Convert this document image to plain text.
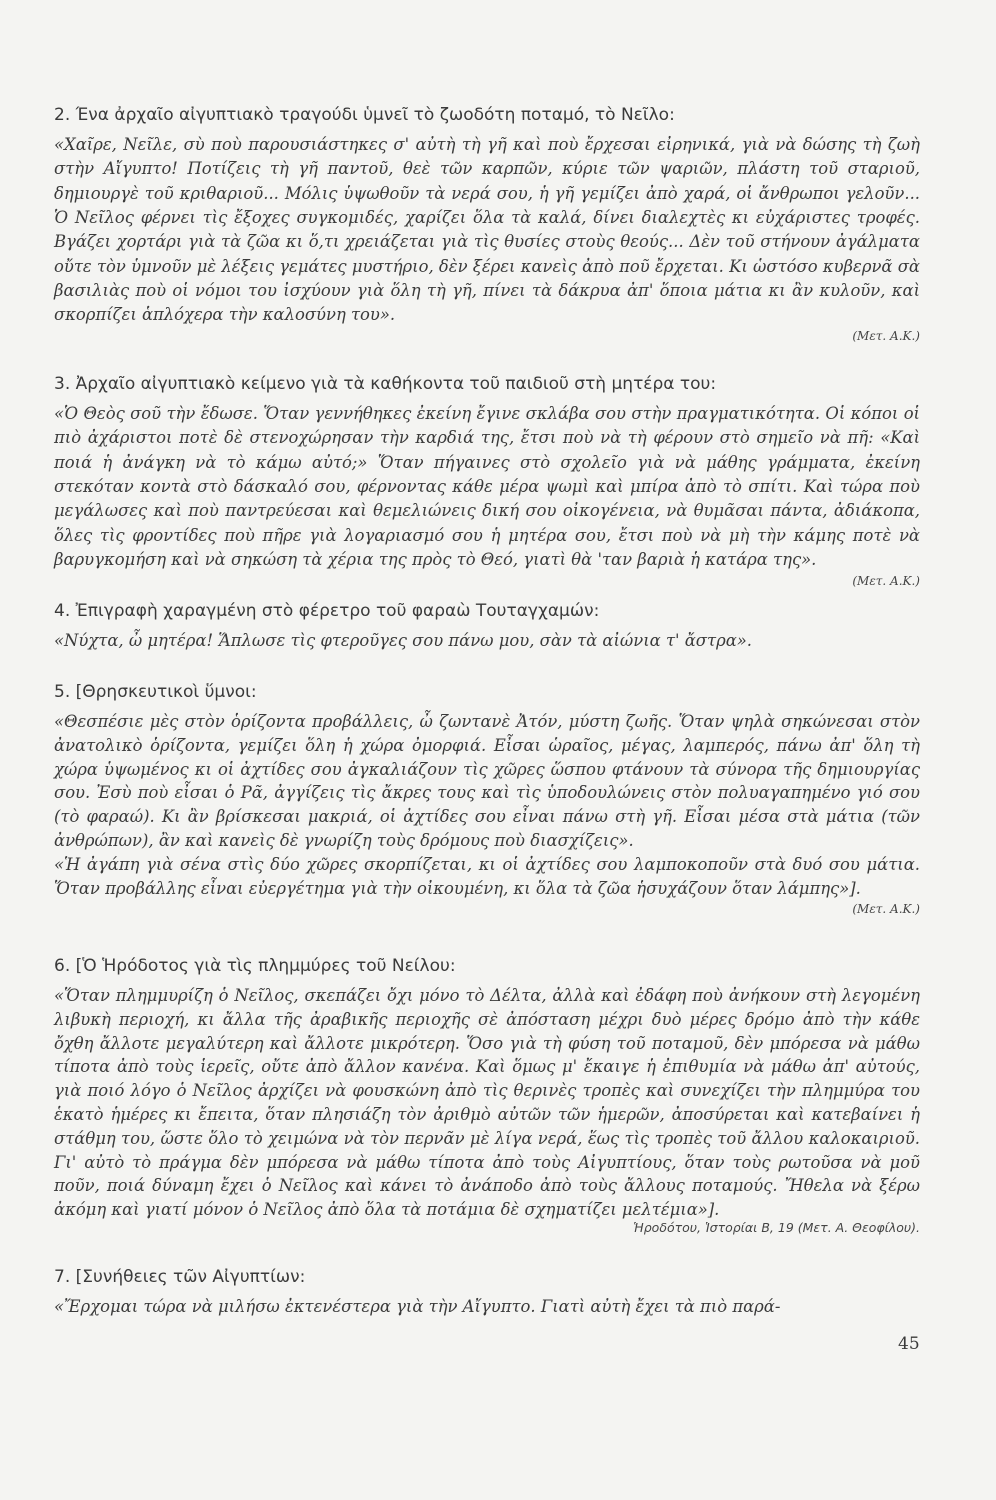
2. Ένα ἀρχαῖο αἰγυπτιακὸ τραγούδι ὑμνεῖ τὸ ζωοδότη ποταμό, τὸ Νεῖλο:

«Χαῖρε, Νεῖλε, σὺ ποὺ παρουσιάστηκες σ' αὐτὴ τὴ γῆ καὶ ποὺ ἔρχεσαι εἰρηνικά, γιὰ νὰ δώσης τὴ ζωὴ στὴν Αἴγυπτο! Ποτίζεις τὴ γῆ παντοῦ, θεὲ τῶν καρπῶν, κύριε τῶν ψαριῶν, πλάστη τοῦ σταριοῦ, δημιουργὲ τοῦ κριθαριοῦ... Μόλις ὑψωθοῦν τὰ νερά σου, ἡ γῆ γεμίζει ἀπὸ χαρά, οἱ ἄνθρωποι γελοῦν... Ὁ Νεῖλος φέρνει τὶς ἔξοχες συγκομιδές, χαρίζει ὅλα τὰ καλά, δίνει διαλεχτὲς κι εὐχάριστες τροφές. Βγάζει χορτάρι γιὰ τὰ ζῶα κι ὅ,τι χρειάζεται γιὰ τὶς θυσίες στοὺς θεούς... Δὲν τοῦ στήνουν ἀγάλματα οὔτε τὸν ὑμνοῦν μὲ λέξεις γεμάτες μυστήριο, δὲν ξέρει κανεὶς ἀπὸ ποῦ ἔρχεται. Κι ὡστόσο κυβερνᾶ σὰ βασιλιὰς ποὺ οἱ νόμοι του ἰσχύουν γιὰ ὅλη τὴ γῆ, πίνει τὰ δάκρυα ἀπ' ὅποια μάτια κι ἂν κυλοῦν, καὶ σκορπίζει ἁπλόχερα τὴν καλοσύνη του».

(Μετ. Α.Κ.)

3. Ἀρχαῖο αἰγυπτιακὸ κείμενο γιὰ τὰ καθήκοντα τοῦ παιδιοῦ στὴ μητέρα του:

«Ὁ Θεὸς σοῦ τὴν ἔδωσε. Ὅταν γεννήθηκες ἐκείνη ἔγινε σκλάβα σου στὴν πραγματικότητα. Οἱ κόποι οἱ πιὸ ἀχάριστοι ποτὲ δὲ στενοχώρησαν τὴν καρδιά της, ἔτσι ποὺ νὰ τὴ φέρουν στὸ σημεῖο νὰ πῆ: «Καὶ ποιά ἡ ἀνάγκη νὰ τὸ κάμω αὐτό;» Ὅταν πήγαινες στὸ σχολεῖο γιὰ νὰ μάθης γράμματα, ἐκείνη στεκόταν κοντὰ στὸ δάσκαλό σου, φέρνοντας κάθε μέρα ψωμὶ καὶ μπίρα ἀπὸ τὸ σπίτι. Καὶ τώρα ποὺ μεγάλωσες καὶ ποὺ παντρεύεσαι καὶ θεμελιώνεις δική σου οἰκογένεια, νὰ θυμᾶσαι πάντα, ἀδιάκοπα, ὅλες τὶς φροντίδες ποὺ πῆρε γιὰ λογαριασμό σου ἡ μητέρα σου, ἔτσι ποὺ νὰ μὴ τὴν κάμης ποτὲ νὰ βαρυγκομήση καὶ νὰ σηκώση τὰ χέρια της πρὸς τὸ Θεό, γιατὶ θὰ 'ταν βαριὰ ἡ κατάρα της».

(Μετ. Α.Κ.)

4. Ἐπιγραφὴ χαραγμένη στὸ φέρετρο τοῦ φαραὼ Τουταγχαμών:

«Νύχτα, ὦ μητέρα! Ἅπλωσε τὶς φτεροῦγες σου πάνω μου, σὰν τὰ αἰώνια τ' ἄστρα».

5. [Θρησκευτικοὶ ὕμνοι:

«Θεσπέσιε μὲς στὸν ὁρίζοντα προβάλλεις, ὦ ζωντανὲ Ἀτόν, μύστη ζωῆς. Ὅταν ψηλὰ σηκώνεσαι στὸν ἀνατολικὸ ὁρίζοντα, γεμίζει ὅλη ἡ χώρα ὀμορφιά. Εἶσαι ὡραῖος, μέγας, λαμπερός, πάνω ἀπ' ὅλη τὴ χώρα ὑψωμένος κι οἱ ἀχτίδες σου ἀγκαλιάζουν τὶς χῶρες ὥσπου φτάνουν τὰ σύνορα τῆς δημιουργίας σου. Ἐσὺ ποὺ εἶσαι ὁ Ρᾶ, ἀγγίζεις τὶς ἄκρες τους καὶ τὶς ὑποδουλώνεις στὸν πολυαγαπημένο γιό σου (τὸ φαραώ). Κι ἂν βρίσκεσαι μακριά, οἱ ἀχτίδες σου εἶναι πάνω στὴ γῆ. Εἶσαι μέσα στὰ μάτια (τῶν ἀνθρώπων), ἂν καὶ κανεὶς δὲ γνωρίζη τοὺς δρόμους ποὺ διασχίζεις».

«Ἡ ἀγάπη γιὰ σένα στὶς δύο χῶρες σκορπίζεται, κι οἱ ἀχτίδες σου λαμποκοποῦν στὰ δυό σου μάτια. Ὅταν προβάλλης εἶναι εὐεργέτημα γιὰ τὴν οἰκουμένη, κι ὅλα τὰ ζῶα ἡσυχάζουν ὅταν λάμπης»].

(Μετ. Α.Κ.)

6. [Ὁ Ἡρόδοτος γιὰ τὶς πλημμύρες τοῦ Νείλου:

«Ὅταν πλημμυρίζη ὁ Νεῖλος, σκεπάζει ὄχι μόνο τὸ Δέλτα, ἀλλὰ καὶ ἐδάφη ποὺ ἀνήκουν στὴ λεγομένη λιβυκὴ περιοχή, κι ἄλλα τῆς ἀραβικῆς περιοχῆς σὲ ἀπόσταση μέχρι δυὸ μέρες δρόμο ἀπὸ τὴν κάθε ὄχθη ἄλλοτε μεγαλύτερη καὶ ἄλλοτε μικρότερη. Ὅσο γιὰ τὴ φύση τοῦ ποταμοῦ, δὲν μπόρεσα νὰ μάθω τίποτα ἀπὸ τοὺς ἱερεῖς, οὔτε ἀπὸ ἄλλον κανένα. Καὶ ὅμως μ' ἔκαιγε ἡ ἐπιθυμία νὰ μάθω ἀπ' αὐτούς, γιὰ ποιό λόγο ὁ Νεῖλος ἀρχίζει νὰ φουσκώνη ἀπὸ τὶς θερινὲς τροπὲς καὶ συνεχίζει τὴν πλημμύρα του ἑκατὸ ἡμέρες κι ἔπειτα, ὅταν πλησιάζη τὸν ἀριθμὸ αὐτῶν τῶν ἡμερῶν, ἀποσύρεται καὶ κατεβαίνει ἡ στάθμη του, ὥστε ὅλο τὸ χειμώνα νὰ τὸν περνᾶν μὲ λίγα νερά, ἕως τὶς τροπὲς τοῦ ἄλλου καλοκαιριοῦ. Γι' αὐτὸ τὸ πράγμα δὲν μπόρεσα νὰ μάθω τίποτα ἀπὸ τοὺς Αἰγυπτίους, ὅταν τοὺς ρωτοῦσα νὰ μοῦ ποῦν, ποιά δύναμη ἔχει ὁ Νεῖλος καὶ κάνει τὸ ἀνάποδο ἀπὸ τοὺς ἄλλους ποταμούς. Ἤθελα νὰ ξέρω ἀκόμη καὶ γιατί μόνον ὁ Νεῖλος ἀπὸ ὅλα τὰ ποτάμια δὲ σχηματίζει μελτέμια»].

Ἡροδότου, Ἱστορίαι Β, 19 (Μετ. Α. Θεοφίλου).

7. [Συνήθειες τῶν Αἰγυπτίων:

«Ἔρχομαι τώρα νὰ μιλήσω ἐκτενέστερα γιὰ τὴν Αἴγυπτο. Γιατὶ αὐτὴ ἔχει τὰ πιὸ παρά-

45
